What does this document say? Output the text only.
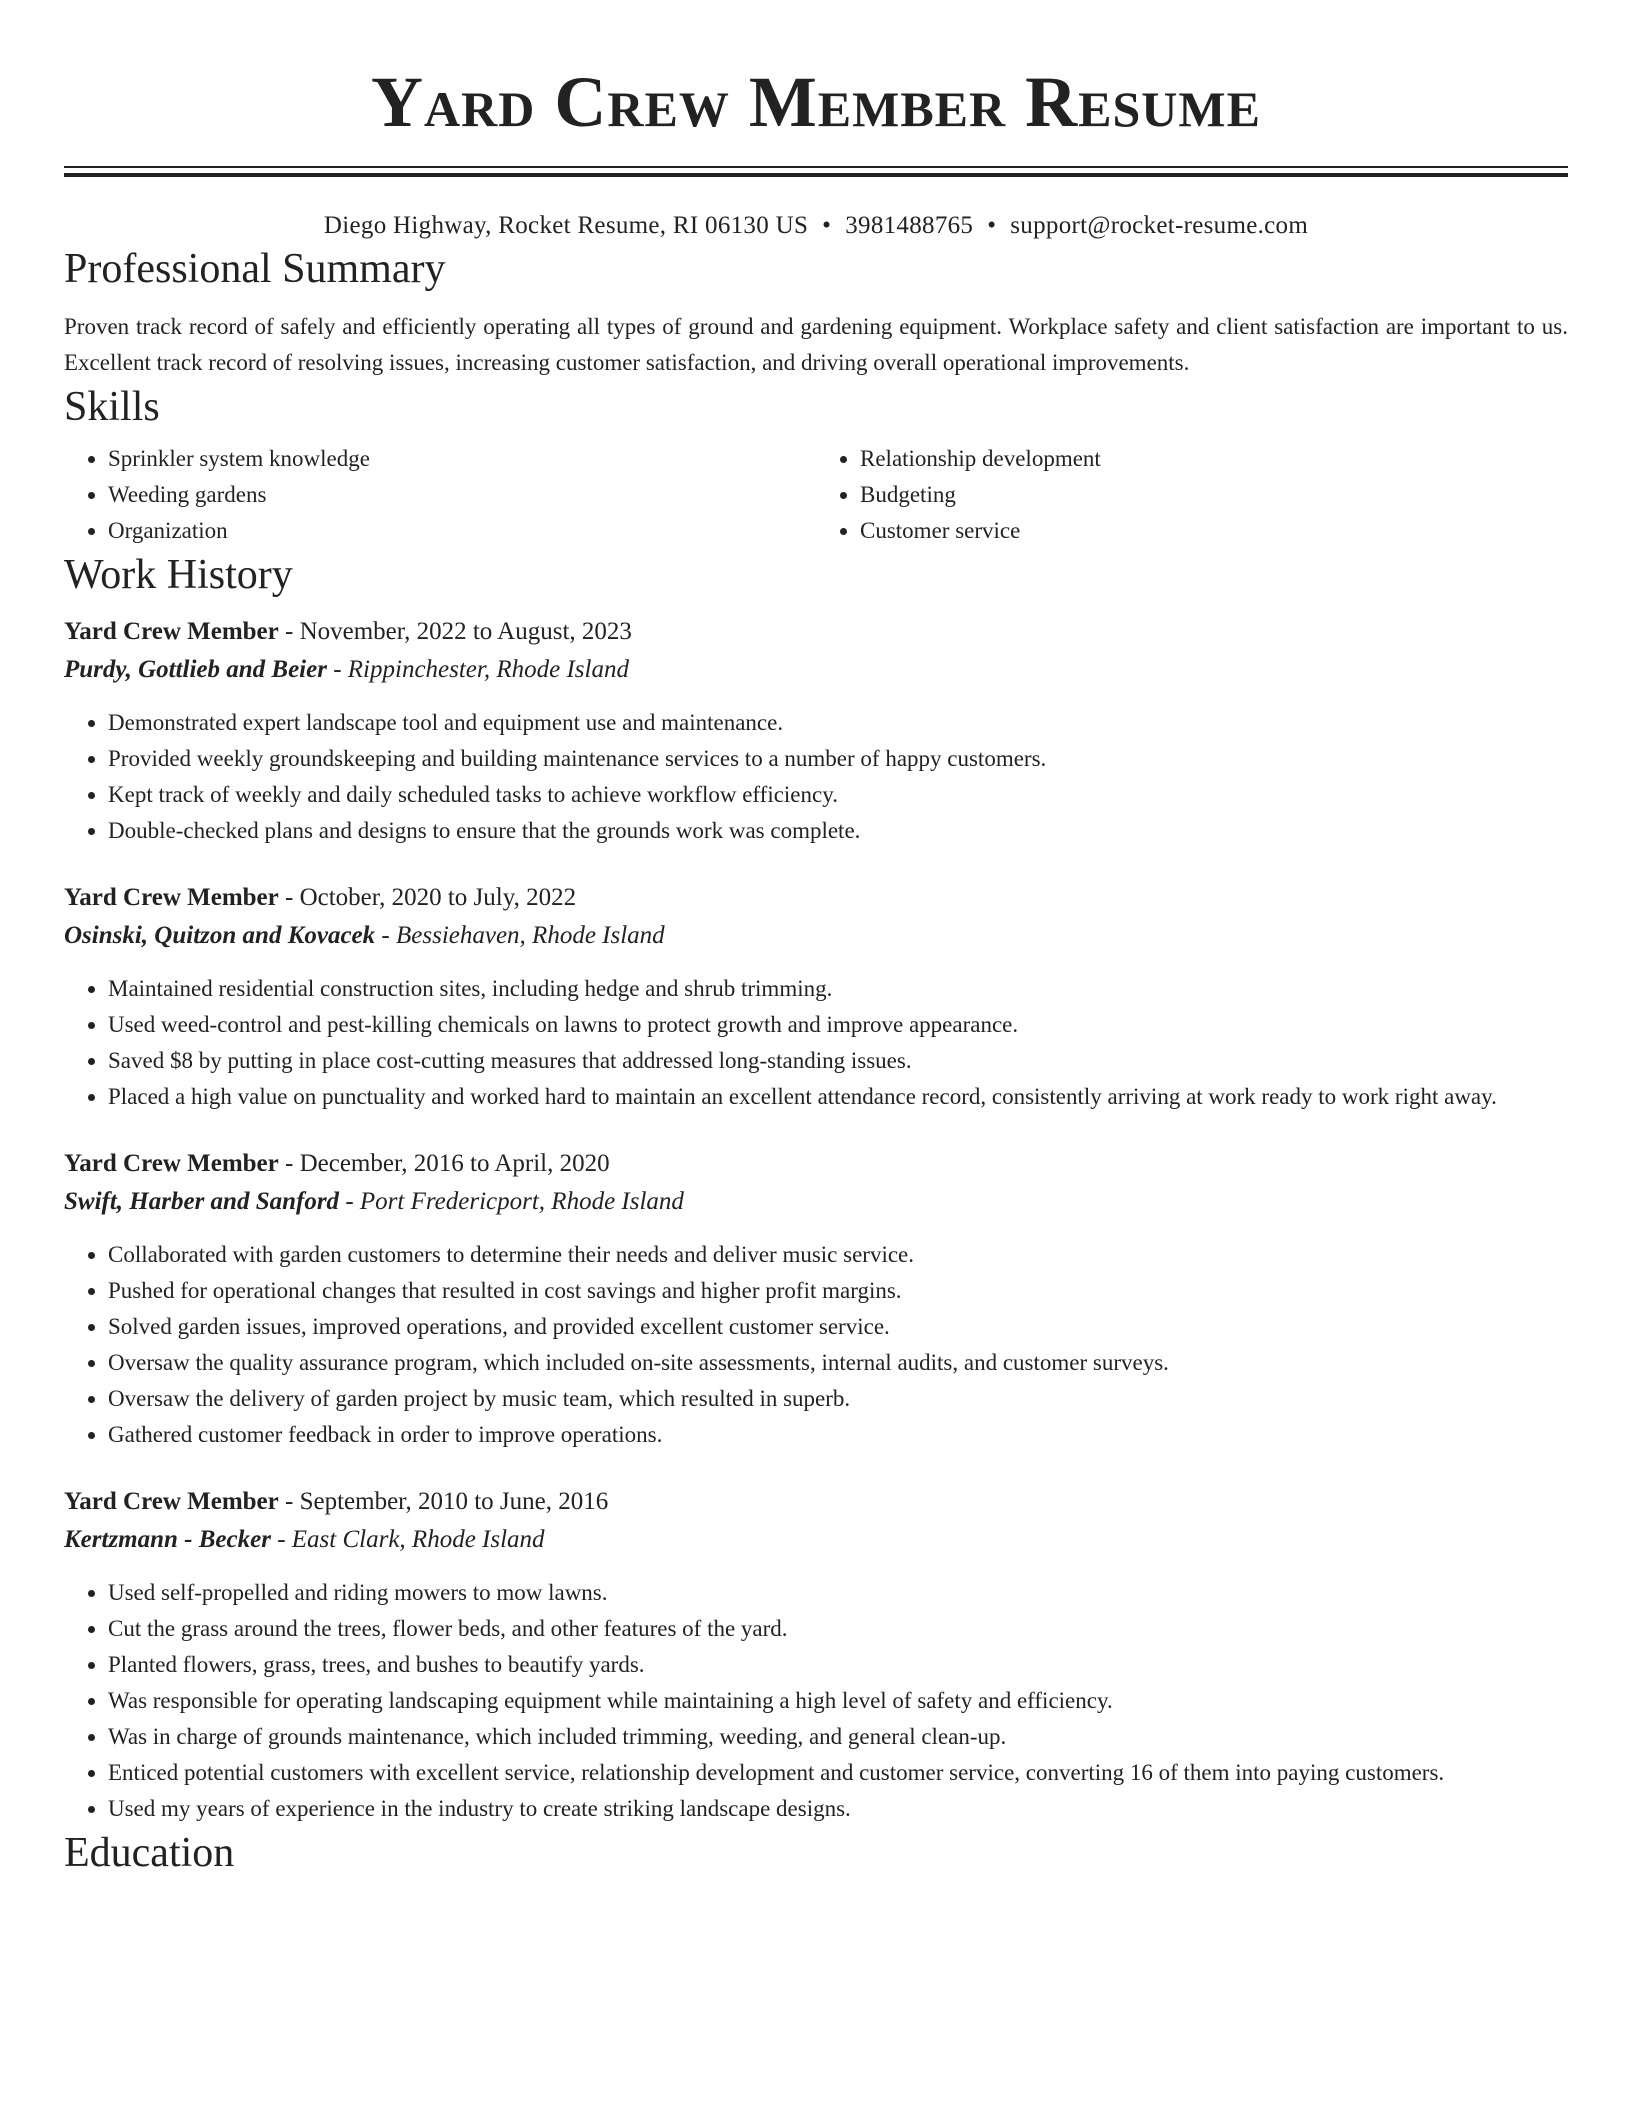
Yard Crew Member Resume
Diego Highway, Rocket Resume, RI 06130 US • 3981488765 • support@rocket-resume.com
Professional Summary

Proven track record of safely and efficiently operating all types of ground and gardening equipment. Workplace safety and client satisfaction are important to us. Excellent track record of resolving issues, increasing customer satisfaction, and driving overall operational improvements.

Skills
• Sprinkler system knowledge
• Weeding gardens
• Organization
• Relationship development
• Budgeting
• Customer service
Work History
Yard Crew Member - November, 2022 to August, 2023
Purdy, Gottlieb and Beier - Rippinchester, Rhode Island
• Demonstrated expert landscape tool and equipment use and maintenance.
• Provided weekly groundskeeping and building maintenance services to a number of happy customers.
• Kept track of weekly and daily scheduled tasks to achieve workflow efficiency.
• Double-checked plans and designs to ensure that the grounds work was complete.
Yard Crew Member - October, 2020 to July, 2022
Osinski, Quitzon and Kovacek - Bessiehaven, Rhode Island
• Maintained residential construction sites, including hedge and shrub trimming.
• Used weed-control and pest-killing chemicals on lawns to protect growth and improve appearance.
• Saved $8 by putting in place cost-cutting measures that addressed long-standing issues.
• Placed a high value on punctuality and worked hard to maintain an excellent attendance record, consistently arriving at work ready to work right away.
Yard Crew Member - December, 2016 to April, 2020
Swift, Harber and Sanford - Port Fredericport, Rhode Island
• Collaborated with garden customers to determine their needs and deliver music service.
• Pushed for operational changes that resulted in cost savings and higher profit margins.
• Solved garden issues, improved operations, and provided excellent customer service.
• Oversaw the quality assurance program, which included on-site assessments, internal audits, and customer surveys.
• Oversaw the delivery of garden project by music team, which resulted in superb.
• Gathered customer feedback in order to improve operations.
Yard Crew Member - September, 2010 to June, 2016
Kertzmann - Becker - East Clark, Rhode Island
• Used self-propelled and riding mowers to mow lawns.
• Cut the grass around the trees, flower beds, and other features of the yard.
• Planted flowers, grass, trees, and bushes to beautify yards.
• Was responsible for operating landscaping equipment while maintaining a high level of safety and efficiency.
• Was in charge of grounds maintenance, which included trimming, weeding, and general clean-up.
• Enticed potential customers with excellent service, relationship development and customer service, converting 16 of them into paying customers.
• Used my years of experience in the industry to create striking landscape designs.
Education
